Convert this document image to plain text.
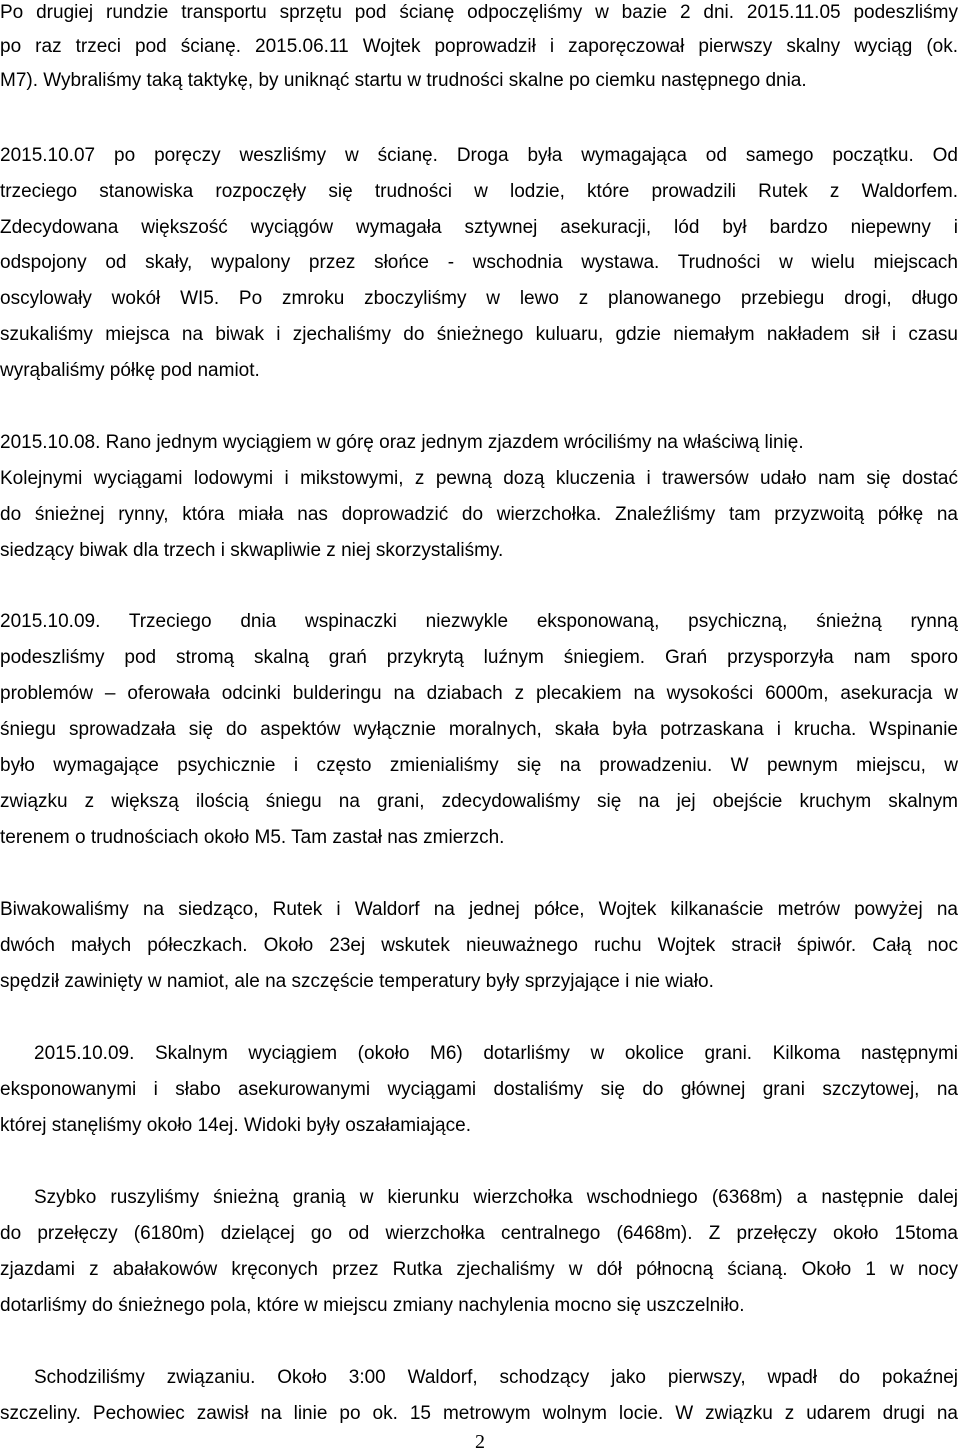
Po drugiej rundzie transportu sprzętu pod ścianę odpoczęliśmy w bazie 2 dni. 2015.11.05 podeszliśmy
po raz trzeci pod ścianę. 2015.06.11 Wojtek poprowadził i zaporęczował pierwszy skalny wyciąg (ok.
M7). Wybraliśmy taką taktykę, by uniknąć startu w trudności skalne po ciemku następnego dnia.
2015.10.07 po poręczy weszliśmy w ścianę. Droga była wymagająca od samego początku. Od
trzeciego stanowiska rozpoczęły się trudności w lodzie, które prowadzili Rutek z Waldorfem.
Zdecydowana większość wyciągów wymagała sztywnej asekuracji, lód był bardzo niepewny i
odspojony od skały, wypalony przez słońce - wschodnia wystawa. Trudności w wielu miejscach
oscylowały wokół WI5. Po zmroku zboczyliśmy w lewo z planowanego przebiegu drogi, długo
szukaliśmy miejsca na biwak i zjechaliśmy do śnieżnego kuluaru, gdzie niemałym nakładem sił i czasu
wyrąbaliśmy półkę pod namiot.
2015.10.08. Rano jednym wyciągiem w górę oraz jednym zjazdem wróciliśmy na właściwą linię.
Kolejnymi wyciągami lodowymi i mikstowymi, z pewną dozą kluczenia i trawersów udało nam się dostać
do śnieżnej rynny, która miała nas doprowadzić do wierzchołka. Znaleźliśmy tam przyzwoitą półkę na
siedzący biwak dla trzech i skwapliwie z niej skorzystaliśmy.
2015.10.09. Trzeciego dnia wspinaczki niezwykle eksponowaną, psychiczną, śnieżną rynną
podeszliśmy pod stromą skalną grań przykrytą luźnym śniegiem. Grań przysporzyła nam sporo
problemów – oferowała odcinki bulderingu na dziabach z plecakiem na wysokości 6000m, asekuracja w
śniegu sprowadzała się do aspektów wyłącznie moralnych, skała była potrzaskana i krucha. Wspinanie
było wymagające psychicznie i często zmienialiśmy się na prowadzeniu. W pewnym miejscu, w
związku z większą ilością śniegu na grani, zdecydowaliśmy się na jej obejście kruchym skalnym
terenem o trudnościach około M5. Tam zastał nas zmierzch.
Biwakowaliśmy na siedząco, Rutek i Waldorf na jednej półce, Wojtek kilkanaście metrów powyżej na
dwóch małych półeczkach. Około 23ej wskutek nieuważnego ruchu Wojtek stracił śpiwór. Całą noc
spędził zawinięty w namiot, ale na szczęście temperatury były sprzyjające i nie wiało.
2015.10.09. Skalnym wyciągiem (około M6) dotarliśmy w okolice grani. Kilkoma następnymi
eksponowanymi i słabo asekurowanymi wyciągami dostaliśmy się do głównej grani szczytowej, na
której stanęliśmy około 14ej. Widoki były oszałamiające.
Szybko ruszyliśmy śnieżną granią w kierunku wierzchołka wschodniego (6368m) a następnie dalej
do przełęczy (6180m) dzielącej go od wierzchołka centralnego (6468m). Z przełęczy około 15toma
zjazdami z abałakowów kręconych przez Rutka zjechaliśmy w dół północną ścianą. Około 1 w nocy
dotarliśmy do śnieżnego pola, które w miejscu zmiany nachylenia mocno się uszczelniło.
Schodziliśmy związaniu. Około 3:00 Waldorf, schodzący jako pierwszy, wpadł do pokaźnej
szczeliny. Pechowiec zawisł na linie po ok. 15 metrowym wolnym locie. W związku z udarem drugi na
2
